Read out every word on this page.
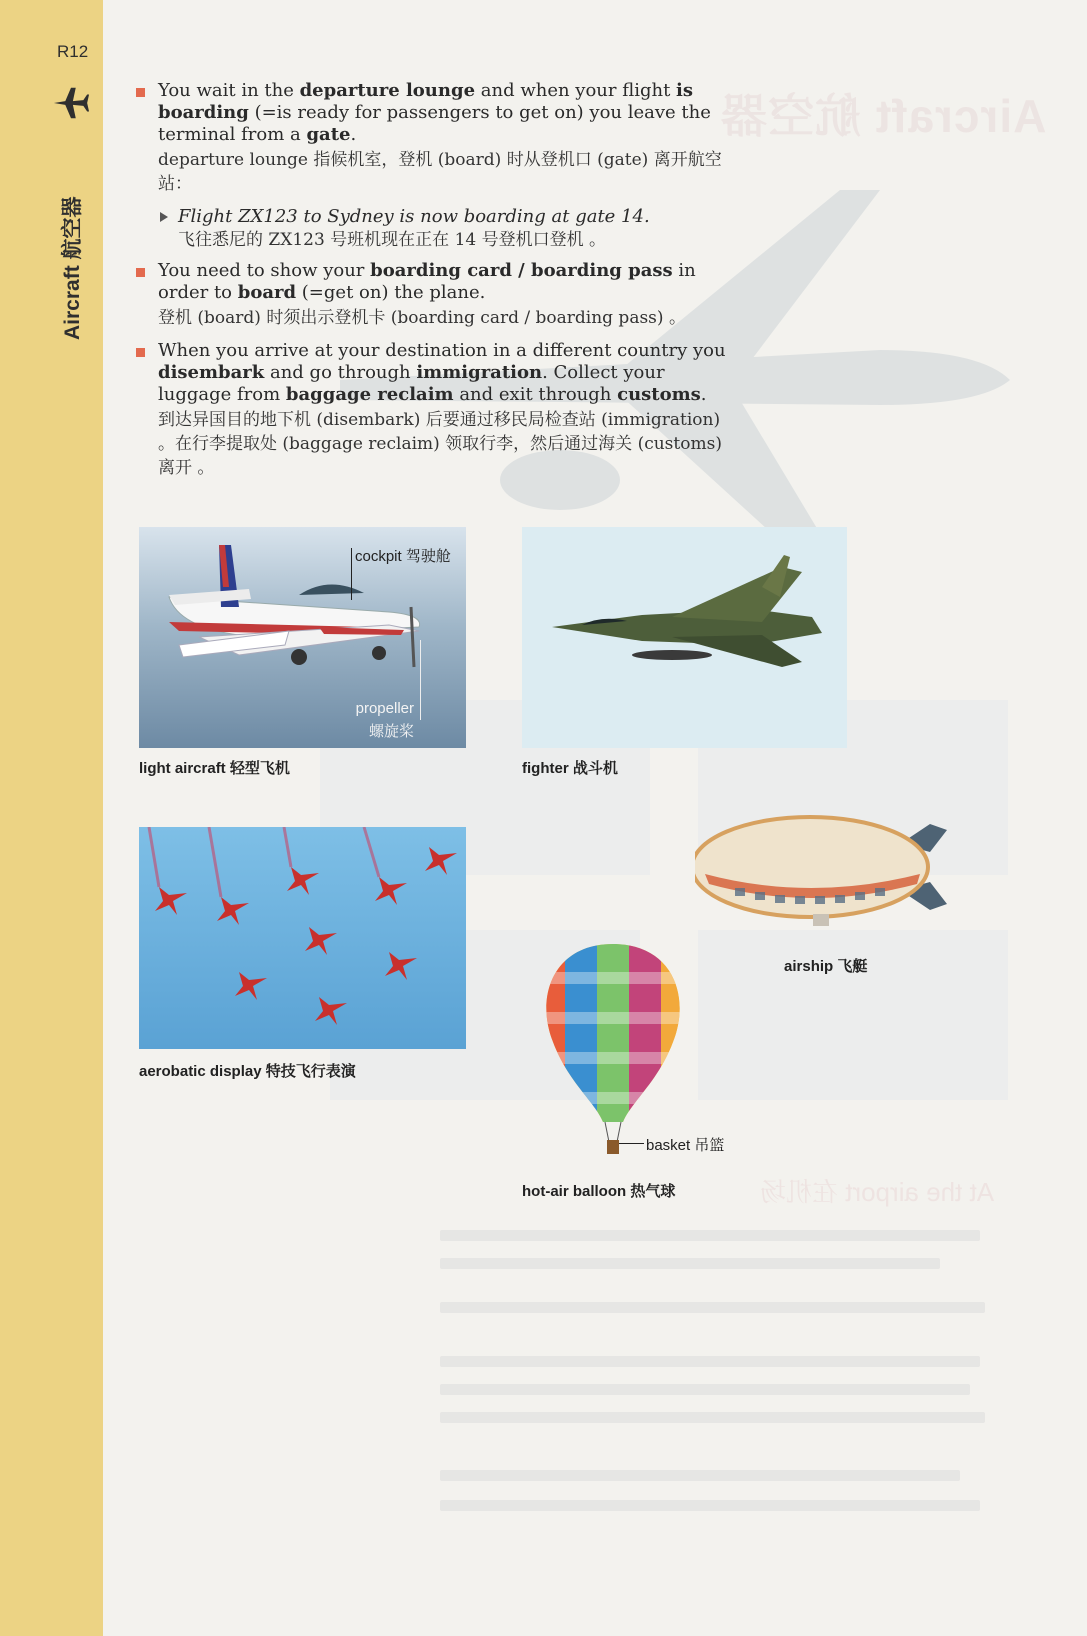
R12
Aircraft 航空器
You wait in the departure lounge and when your flight is boarding (=is ready for passengers to get on) you leave the terminal from a gate.
departure lounge 指候机室，登机 (board) 时从登机口 (gate) 离开航空站：
Flight ZX123 to Sydney is now boarding at gate 14.
飞往悉尼的 ZX123 号班机现在正在 14 号登机口登机 。
You need to show your boarding card / boarding pass in order to board (=get on) the plane.
登机 (board) 时须出示登机卡 (boarding card / boarding pass) 。
When you arrive at your destination in a different country you disembark and go through immigration. Collect your luggage from baggage reclaim and exit through customs.
到达异国目的地下机 (disembark) 后要通过移民局检查站 (immigration) 。在行李提取处 (baggage reclaim) 领取行李，然后通过海关 (customs) 离开 。
cockpit 驾驶舱
propeller
螺旋桨
light aircraft 轻型飞机	fighter 战斗机
aerobatic display 特技飞行表演
airship 飞艇
basket 吊篮
hot-air balloon 热气球	At the airport 在机场
Aircraft 航空器
